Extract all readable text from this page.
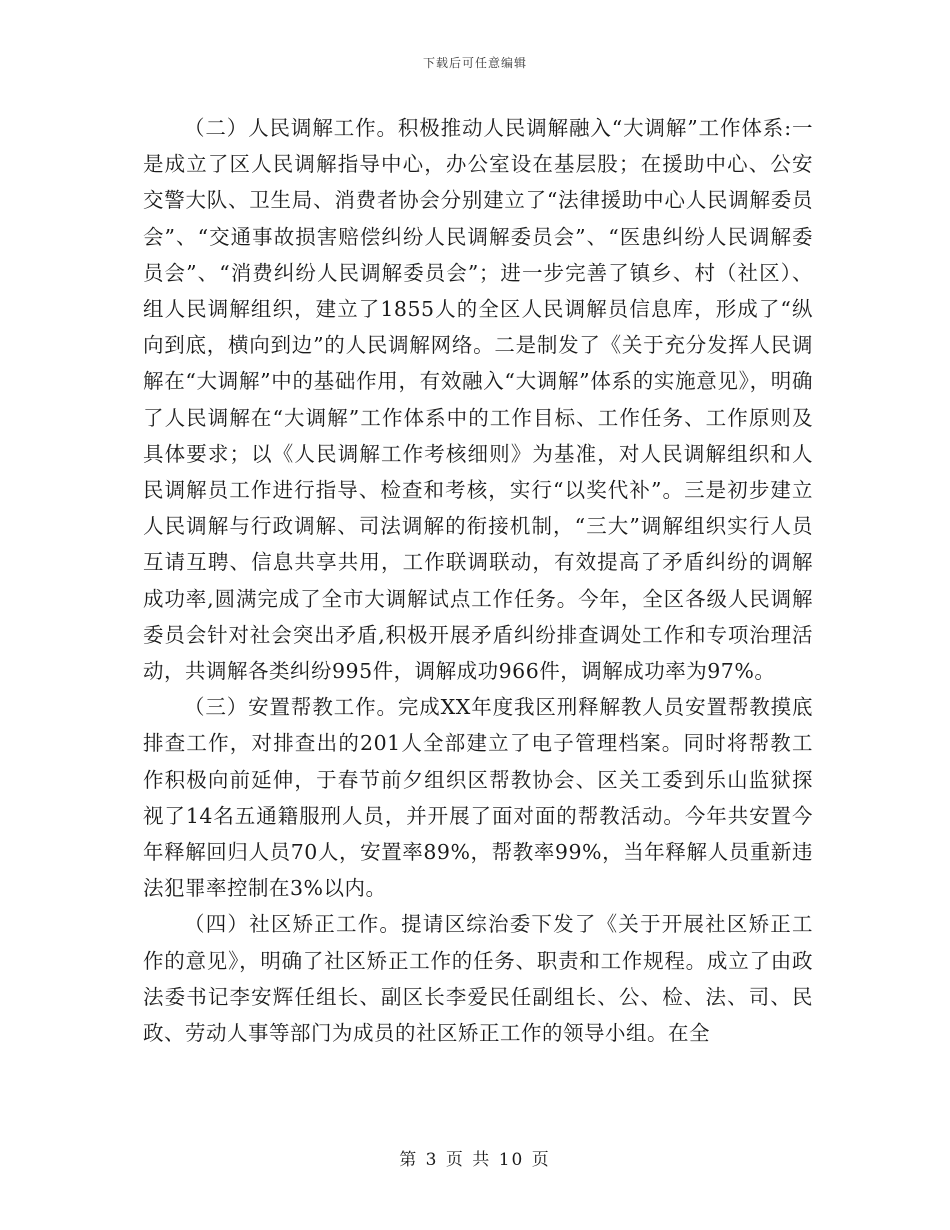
下载后可任意编辑

（二）人民调解工作。积极推动人民调解融入“大调解”工作体系:一是成立了区人民调解指导中心，办公室设在基层股；在援助中心、公安交警大队、卫生局、消费者协会分别建立了“法律援助中心人民调解委员会”、“交通事故损害赔偿纠纷人民调解委员会”、“医患纠纷人民调解委员会”、“消费纠纷人民调解委员会”；进一步完善了镇乡、村（社区）、组人民调解组织，建立了1855人的全区人民调解员信息库，形成了“纵向到底，横向到边”的人民调解网络。二是制发了《关于充分发挥人民调解在“大调解”中的基础作用，有效融入“大调解”体系的实施意见》，明确了人民调解在“大调解”工作体系中的工作目标、工作任务、工作原则及具体要求；以《人民调解工作考核细则》为基准，对人民调解组织和人民调解员工作进行指导、检查和考核，实行“以奖代补”。三是初步建立人民调解与行政调解、司法调解的衔接机制，“三大”调解组织实行人员互请互聘、信息共享共用，工作联调联动，有效提高了矛盾纠纷的调解成功率,圆满完成了全市大调解试点工作任务。今年，全区各级人民调解委员会针对社会突出矛盾,积极开展矛盾纠纷排查调处工作和专项治理活动，共调解各类纠纷995件，调解成功966件，调解成功率为97%。

（三）安置帮教工作。完成XX年度我区刑释解教人员安置帮教摸底排查工作，对排查出的201人全部建立了电子管理档案。同时将帮教工作积极向前延伸，于春节前夕组织区帮教协会、区关工委到乐山监狱探视了14名五通籍服刑人员，并开展了面对面的帮教活动。今年共安置今年释解回归人员70人，安置率89%，帮教率99%，当年释解人员重新违法犯罪率控制在3%以内。

（四）社区矫正工作。提请区综治委下发了《关于开展社区矫正工作的意见》，明确了社区矫正工作的任务、职责和工作规程。成立了由政法委书记李安辉任组长、副区长李爱民任副组长、公、检、法、司、民政、劳动人事等部门为成员的社区矫正工作的领导小组。在全

第 3 页 共 10 页
